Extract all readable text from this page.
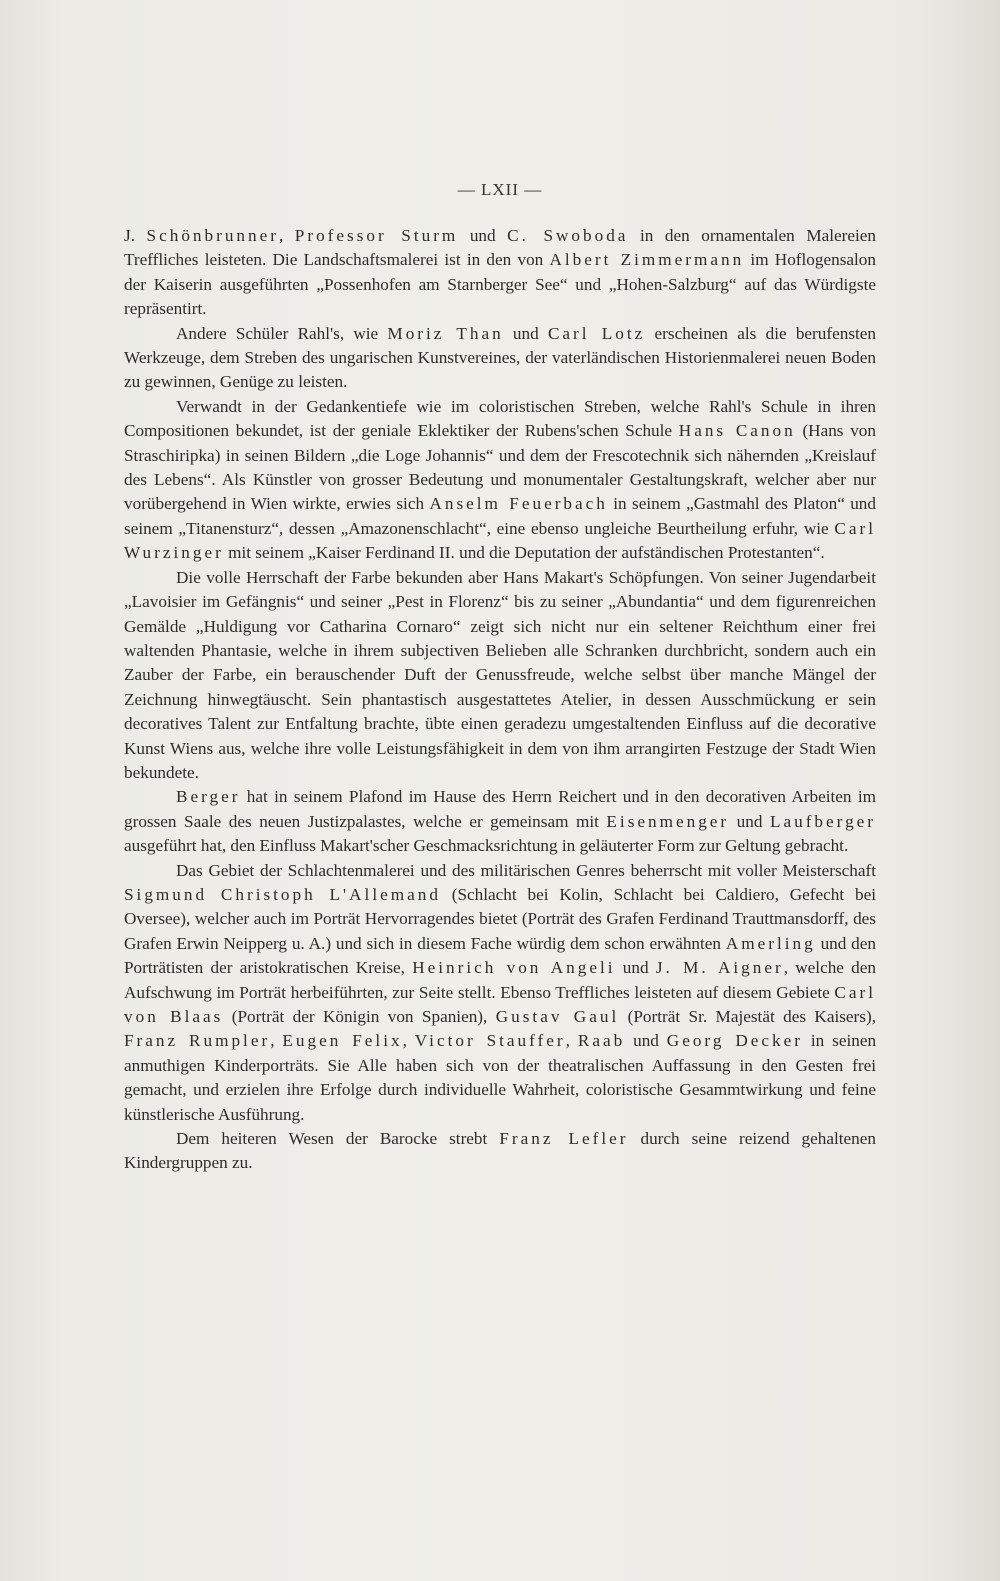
— LXII —

J. Schönbrunner, Professor Sturm und C. Swoboda in den ornamentalen Malereien Treffliches leisteten. Die Landschaftsmalerei ist in den von Albert Zimmermann im Hoflogensalon der Kaiserin ausgeführten „Possenhofen am Starnberger See“ und „Hohen-Salzburg“ auf das Würdigste repräsentirt.

Andere Schüler Rahl's, wie Moriz Than und Carl Lotz erscheinen als die berufensten Werkzeuge, dem Streben des ungarischen Kunstvereines, der vaterländischen Historienmalerei neuen Boden zu gewinnen, Genüge zu leisten.

Verwandt in der Gedankentiefe wie im coloristischen Streben, welche Rahl's Schule in ihren Compositionen bekundet, ist der geniale Eklektiker der Rubens'schen Schule Hans Canon (Hans von Straschiripka) in seinen Bildern „die Loge Johannis“ und dem der Frescotechnik sich nähernden „Kreislauf des Lebens“. Als Künstler von grosser Bedeutung und monumentaler Gestaltungskraft, welcher aber nur vorübergehend in Wien wirkte, erwies sich Anselm Feuerbach in seinem „Gastmahl des Platon“ und seinem „Titanensturz“, dessen „Amazonenschlacht“, eine ebenso ungleiche Beurtheilung erfuhr, wie Carl Wurzinger mit seinem „Kaiser Ferdinand II. und die Deputation der aufständischen Protestanten“.

Die volle Herrschaft der Farbe bekunden aber Hans Makart's Schöpfungen. Von seiner Jugendarbeit „Lavoisier im Gefängnis“ und seiner „Pest in Florenz“ bis zu seiner „Abundantia“ und dem figurenreichen Gemälde „Huldigung vor Catharina Cornaro“ zeigt sich nicht nur ein seltener Reichthum einer frei waltenden Phantasie, welche in ihrem subjectiven Belieben alle Schranken durchbricht, sondern auch ein Zauber der Farbe, ein berauschender Duft der Genussfreude, welche selbst über manche Mängel der Zeichnung hinwegtäuscht. Sein phantastisch ausgestattetes Atelier, in dessen Ausschmückung er sein decoratives Talent zur Entfaltung brachte, übte einen geradezu umgestaltenden Einfluss auf die decorative Kunst Wiens aus, welche ihre volle Leistungsfähigkeit in dem von ihm arrangirten Festzuge der Stadt Wien bekundete.

Berger hat in seinem Plafond im Hause des Herrn Reichert und in den decorativen Arbeiten im grossen Saale des neuen Justizpalastes, welche er gemeinsam mit Eisenmenger und Laufberger ausgeführt hat, den Einfluss Makart'scher Geschmacksrichtung in geläuterter Form zur Geltung gebracht.

Das Gebiet der Schlachtenmalerei und des militärischen Genres beherrscht mit voller Meisterschaft Sigmund Christoph L'Allemand (Schlacht bei Kolin, Schlacht bei Caldiero, Gefecht bei Oversee), welcher auch im Porträt Hervorragendes bietet (Porträt des Grafen Ferdinand Trauttmansdorff, des Grafen Erwin Neipperg u. A.) und sich in diesem Fache würdig dem schon erwähnten Amerling und den Porträtisten der aristokratischen Kreise, Heinrich von Angeli und J. M. Aigner, welche den Aufschwung im Porträt herbeiführten, zur Seite stellt. Ebenso Treffliches leisteten auf diesem Gebiete Carl von Blaas (Porträt der Königin von Spanien), Gustav Gaul (Porträt Sr. Majestät des Kaisers), Franz Rumpler, Eugen Felix, Victor Stauffer, Raab und Georg Decker in seinen anmuthigen Kinderporträts. Sie Alle haben sich von der theatralischen Auffassung in den Gesten frei gemacht, und erzielen ihre Erfolge durch individuelle Wahrheit, coloristische Gesammtwirkung und feine künstlerische Ausführung.

Dem heiteren Wesen der Barocke strebt Franz Lefler durch seine reizend gehaltenen Kindergruppen zu.
